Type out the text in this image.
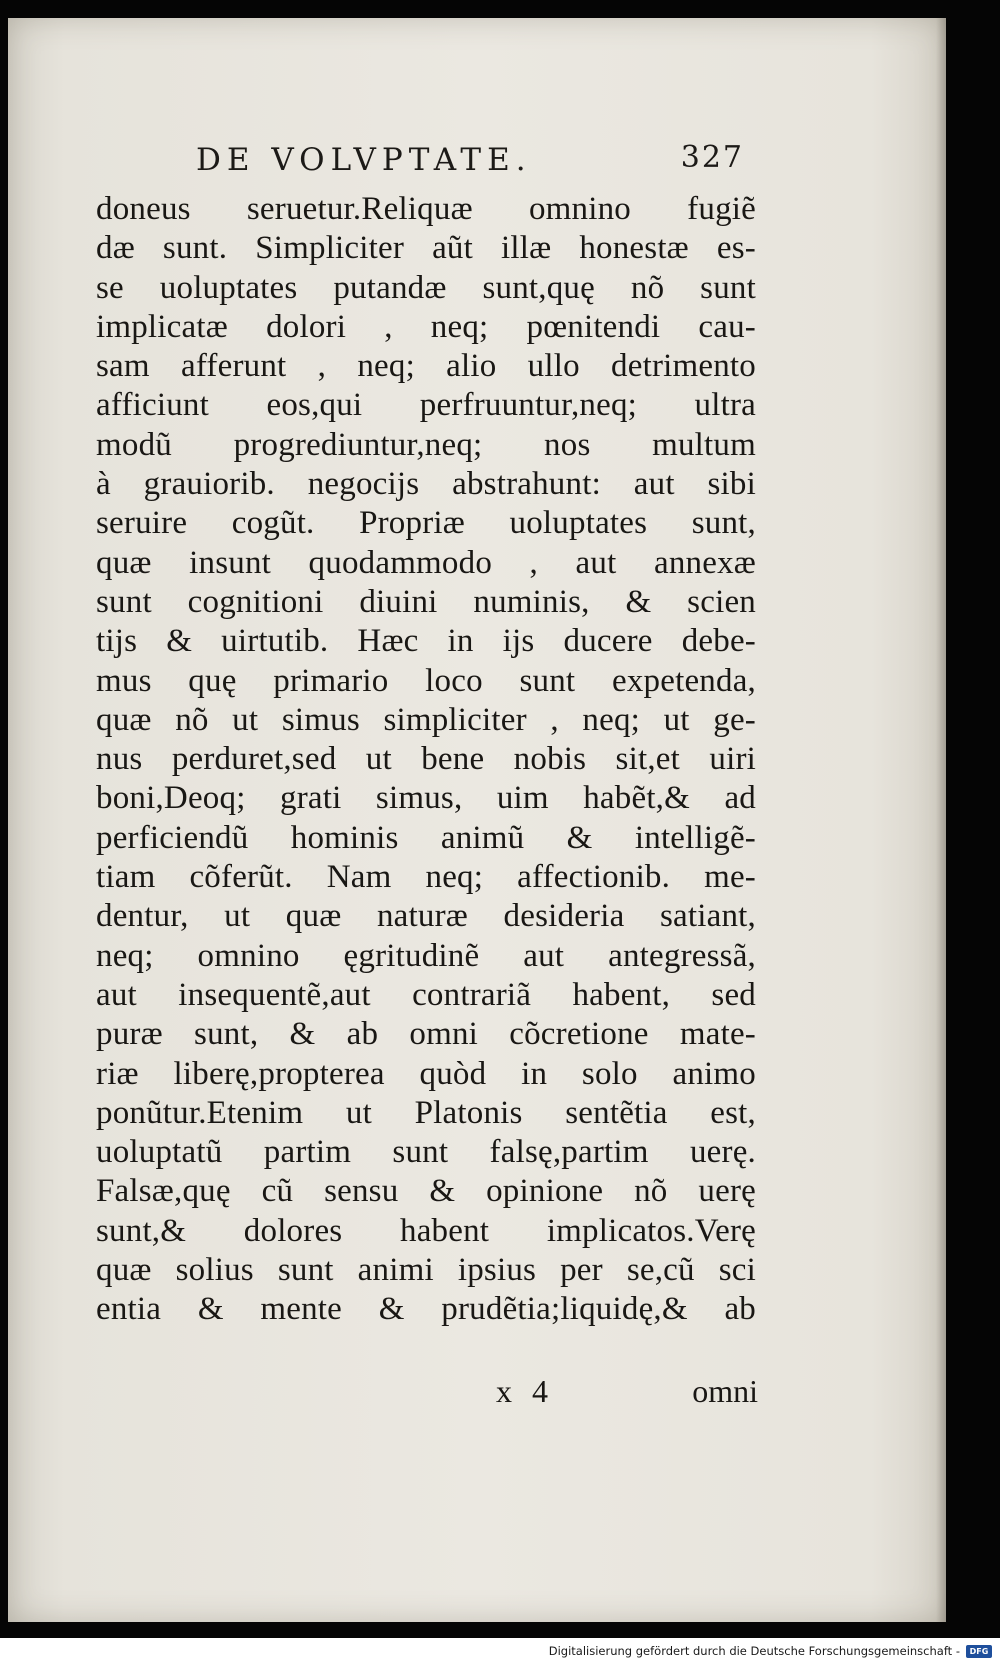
DE VOLVPTATE.	327
doneus seruetur.Reliquæ omnino fugiẽ
dæ sunt. Simpliciter aũt illæ honestæ es-
se uoluptates putandæ sunt,quę nõ sunt
implicatæ dolori , neq; pœnitendi cau-
sam afferunt , neq; alio ullo detrimento
afficiunt eos,qui perfruuntur,neq; ultra
modũ progrediuntur,neq; nos multum
à grauiorib. negocijs abstrahunt: aut sibi
seruire cogũt. Propriæ uoluptates sunt,
quæ insunt quodammodo , aut annexæ
sunt cognitioni diuini numinis, & scien
tijs & uirtutib. Hæc in ijs ducere debe-
mus quę primario loco sunt expetenda,
quæ nõ ut simus simpliciter , neq; ut ge-
nus perduret,sed ut bene nobis sit,et uiri
boni,Deoq; grati simus, uim habẽt,& ad
perficiendũ hominis animũ & intelligẽ-
tiam cõferũt. Nam neq; affectionib. me-
dentur, ut quæ naturæ desideria satiant,
neq; omnino ęgritudinẽ aut antegressã,
aut insequentẽ,aut contrariã habent, sed
puræ sunt, & ab omni cõcretione mate-
riæ liberę,propterea quòd in solo animo
ponũtur.Etenim ut Platonis sentẽtia est,
uoluptatũ partim sunt falsę,partim uerę.
Falsæ,quę cũ sensu & opinione nõ uerę
sunt,& dolores habent implicatos.Verę
quæ solius sunt animi ipsius per se,cũ sci
entia & mente & prudẽtia;liquidę,& ab
x 4	omni
Digitalisierung gefördert durch die Deutsche Forschungsgemeinschaft -	DFG
